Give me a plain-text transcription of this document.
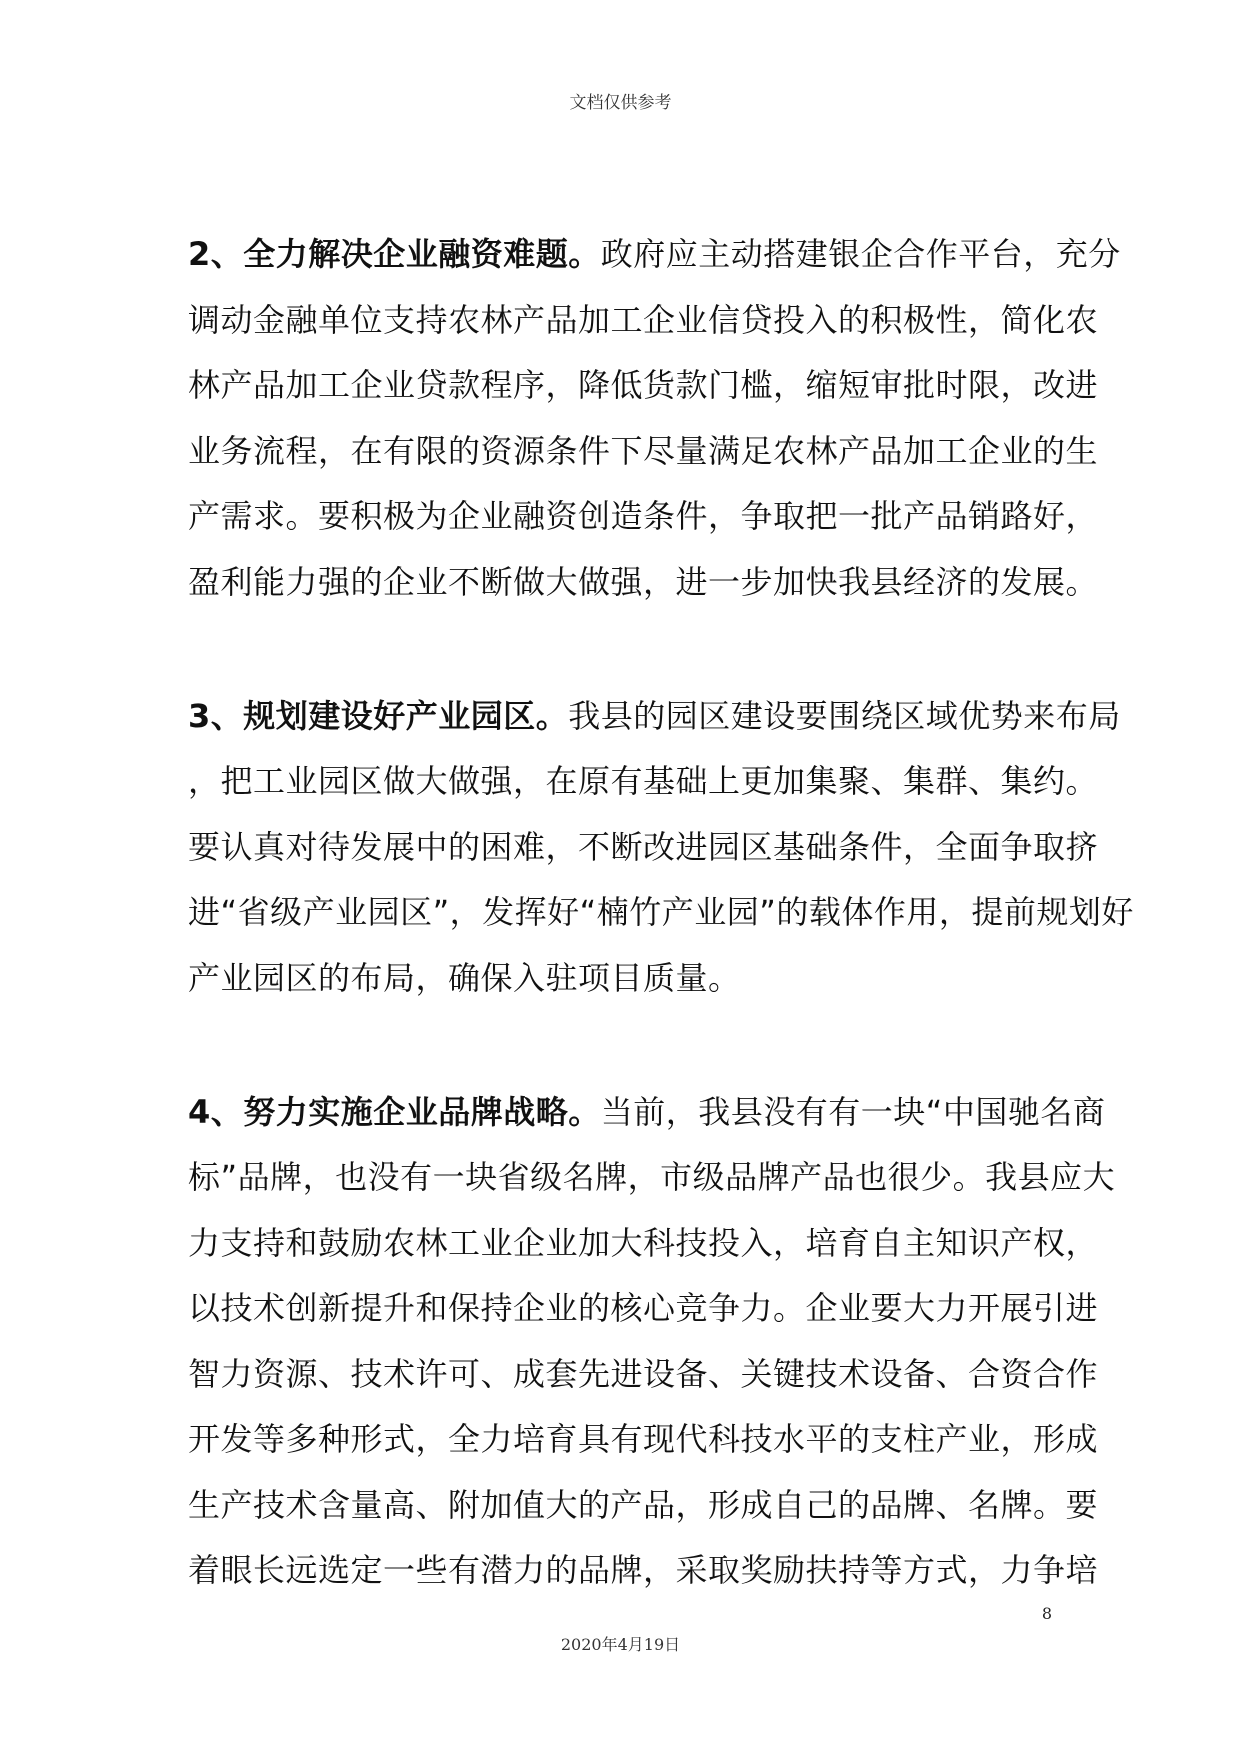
文档仅供参考
2、全力解决企业融资难题。政府应主动搭建银企合作平台，充分
调动金融单位支持农林产品加工企业信贷投入的积极性，简化农
林产品加工企业贷款程序，降低货款门槛，缩短审批时限，改进
业务流程，在有限的资源条件下尽量满足农林产品加工企业的生
产需求。要积极为企业融资创造条件，争取把一批产品销路好，
盈利能力强的企业不断做大做强，进一步加快我县经济的发展。
3、规划建设好产业园区。我县的园区建设要围绕区域优势来布局
，把工业园区做大做强，在原有基础上更加集聚、集群、集约。
要认真对待发展中的困难，不断改进园区基础条件，全面争取挤
进“省级产业园区”，发挥好“楠竹产业园”的载体作用，提前规划好
产业园区的布局，确保入驻项目质量。
4、努力实施企业品牌战略。当前，我县没有有一块“中国驰名商
标”品牌，也没有一块省级名牌，市级品牌产品也很少。我县应大
力支持和鼓励农林工业企业加大科技投入，培育自主知识产权，
以技术创新提升和保持企业的核心竞争力。企业要大力开展引进
智力资源、技术许可、成套先进设备、关键技术设备、合资合作
开发等多种形式，全力培育具有现代科技水平的支柱产业，形成
生产技术含量高、附加值大的产品，形成自己的品牌、名牌。要
着眼长远选定一些有潜力的品牌，采取奖励扶持等方式，力争培
8
2020年4月19日
